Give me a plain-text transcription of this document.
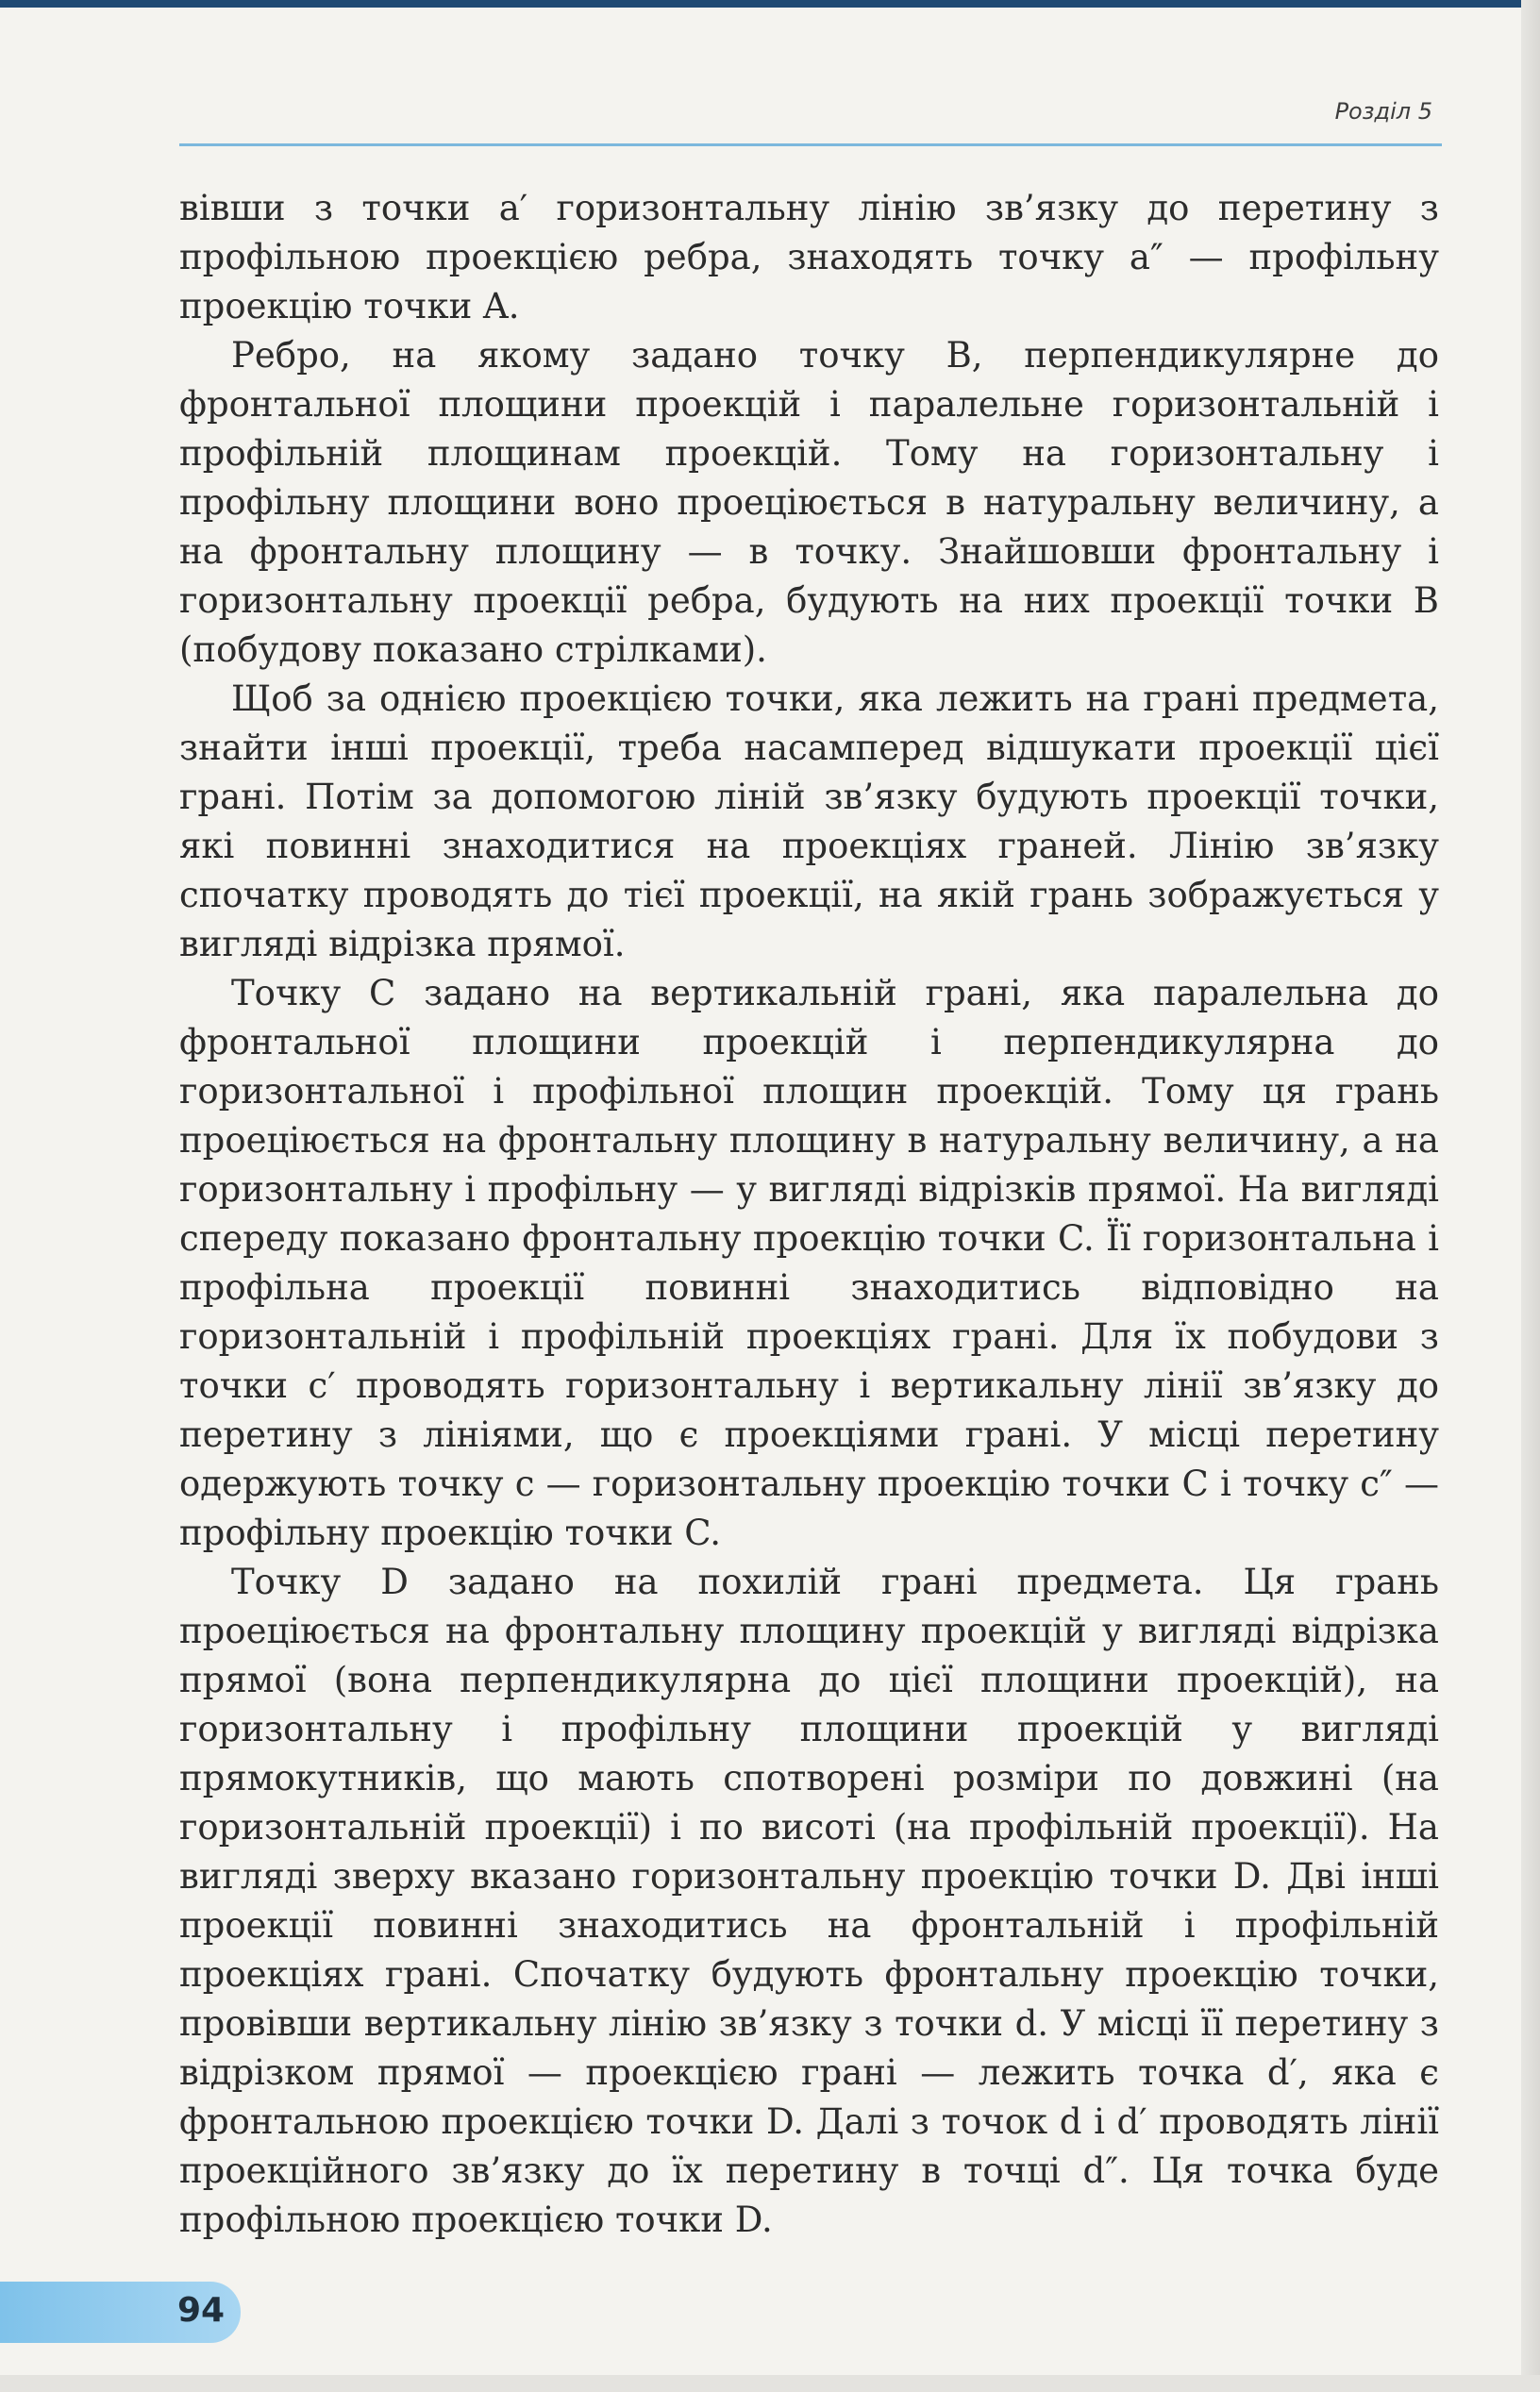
Розділ 5

вівши з точки a′ горизонтальну лінію зв’язку до перетину з профільною проекцією ребра, знаходять точку a″ — профільну проекцію точки A.

Ребро, на якому задано точку B, перпендикулярне до фронтальної площини проекцій і паралельне горизонтальній і профільній площинам проекцій. Тому на горизонтальну і профільну площини воно проеціюється в натуральну величину, а на фронтальну площину — в точку. Знайшовши фронтальну і горизонтальну проекції ребра, будують на них проекції точки B (побудову показано стрілками).

Щоб за однією проекцією точки, яка лежить на грані предмета, знайти інші проекції, треба насамперед відшукати проекції цієї грані. Потім за допомогою ліній зв’язку будують проекції точки, які повинні знаходитися на проекціях граней. Лінію зв’язку спочатку проводять до тієї проекції, на якій грань зображується у вигляді відрізка прямої.

Точку C задано на вертикальній грані, яка паралельна до фронтальної площини проекцій і перпендикулярна до горизонтальної і профільної площин проекцій. Тому ця грань проеціюється на фронтальну площину в натуральну величину, а на горизонтальну і профільну — у вигляді відрізків прямої. На вигляді спереду показано фронтальну проекцію точки C. Її горизонтальна і профільна проекції повинні знаходитись відповідно на горизонтальній і профільній проекціях грані. Для їх побудови з точки c′ проводять горизонтальну і вертикальну лінії зв’язку до перетину з лініями, що є проекціями грані. У місці перетину одержують точку c — горизонтальну проекцію точки C і точку c″ — профільну проекцію точки C.

Точку D задано на похилій грані предмета. Ця грань проеціюється на фронтальну площину проекцій у вигляді відрізка прямої (вона перпендикулярна до цієї площини проекцій), на горизонтальну і профільну площини проекцій у вигляді прямокутників, що мають спотворені розміри по довжині (на горизонтальній проекції) і по висоті (на профільній проекції). На вигляді зверху вказано горизонтальну проекцію точки D. Дві інші проекції повинні знаходитись на фронтальній і профільній проекціях грані. Спочатку будують фронтальну проекцію точки, провівши вертикальну лінію зв’язку з точки d. У місці її перетину з відрізком прямої — проекцією грані — лежить точка d′, яка є фронтальною проекцією точки D. Далі з точок d і d′ проводять лінії проекційного зв’язку до їх перетину в точці d″. Ця точка буде профільною проекцією точки D.

94
